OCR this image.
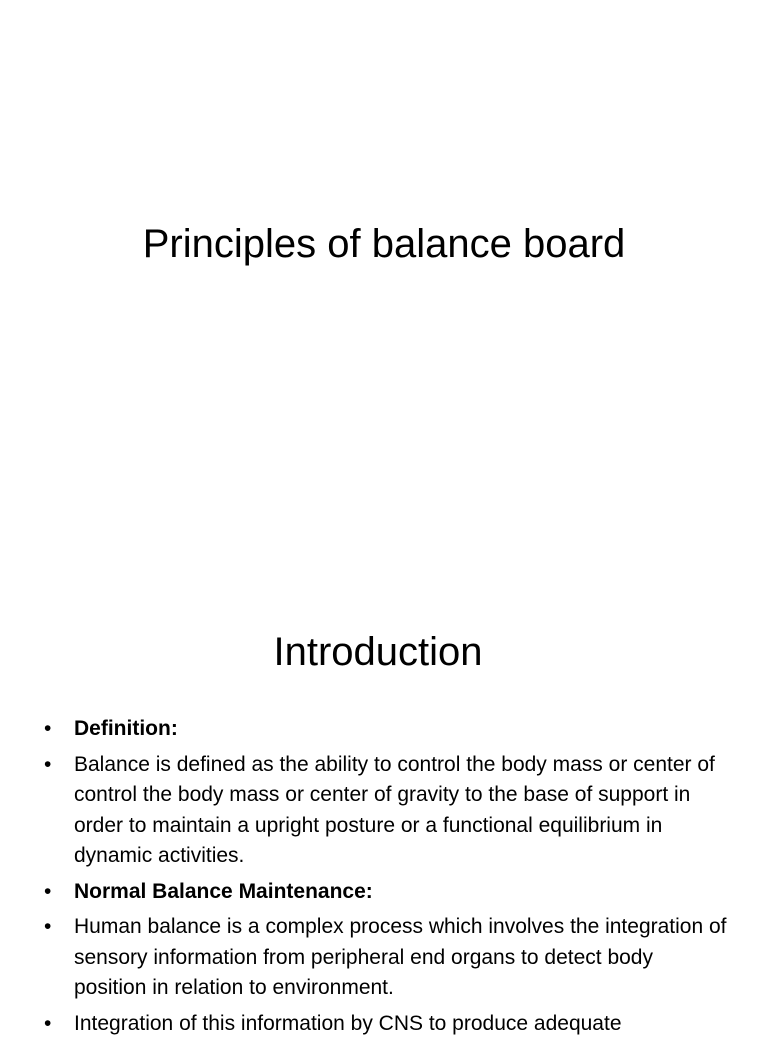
Principles of balance board
Introduction
• Definition:
• Balance is defined as the ability to control the body mass or center of control the body mass or center of gravity to the base of support in order to maintain a upright posture or a functional equilibrium in dynamic activities.
• Normal Balance Maintenance:
• Human balance is a complex process which involves the integration of sensory information from peripheral end organs to detect body position in relation to environment.
• Integration of this information by CNS to produce adequate
